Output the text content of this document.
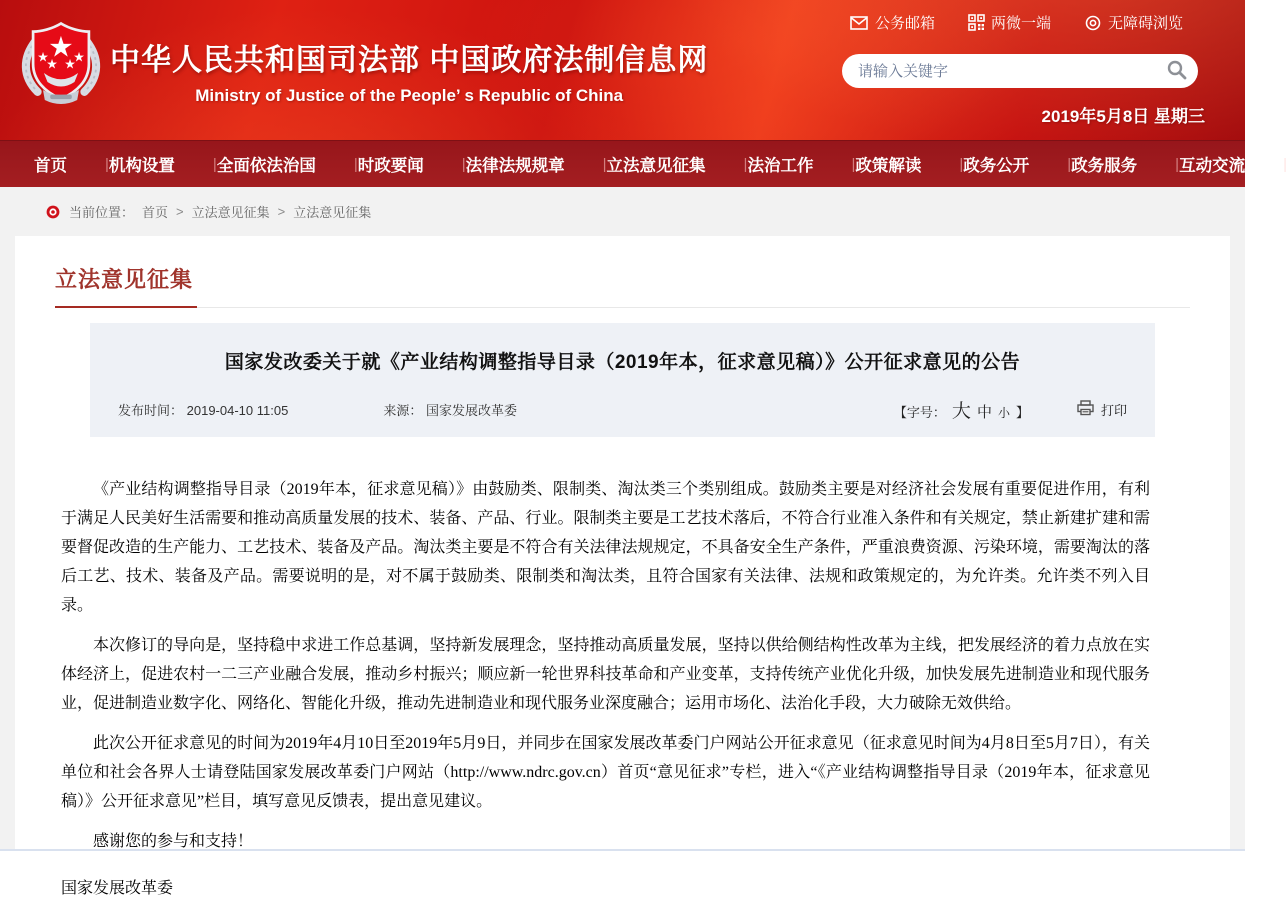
★
★
★ ★
★ 中华人民共和国司法部 中国政府法制信息网
Ministry of Justice of the People’ s Republic of China
公务邮箱	两微一端	无障碍浏览
请输入关键字
2019年5月8日 星期三
首页
|	机构设置
|	全面依法治国
|	时政要闻
|	法律法规规章
|	立法意见征集
|	法治工作
|	政策解读
|	政务公开
|	政务服务
|	互动交流
|
当前位置： 首页 > 立法意见征集 > 立法意见征集
立法意见征集
国家发改委关于就《产业结构调整指导目录（2019年本，征求意见稿）》公开征求意见的公告
发布时间： 2019-04-10 11:05	来源： 国家发展改革委	【字号： 大 中 小 】	打印

《产业结构调整指导目录（2019年本，征求意见稿）》由鼓励类、限制类、淘汰类三个类别组成。鼓励类主要是对经济社会发展有重要促进作用，有利于满足人民美好生活需要和推动高质量发展的技术、装备、产品、行业。限制类主要是工艺技术落后，不符合行业准入条件和有关规定，禁止新建扩建和需要督促改造的生产能力、工艺技术、装备及产品。淘汰类主要是不符合有关法律法规规定，不具备安全生产条件，严重浪费资源、污染环境，需要淘汰的落后工艺、技术、装备及产品。需要说明的是，对不属于鼓励类、限制类和淘汰类，且符合国家有关法律、法规和政策规定的，为允许类。允许类不列入目录。

本次修订的导向是，坚持稳中求进工作总基调，坚持新发展理念，坚持推动高质量发展，坚持以供给侧结构性改革为主线，把发展经济的着力点放在实体经济上，促进农村一二三产业融合发展，推动乡村振兴；顺应新一轮世界科技革命和产业变革，支持传统产业优化升级，加快发展先进制造业和现代服务业，促进制造业数字化、网络化、智能化升级，推动先进制造业和现代服务业深度融合；运用市场化、法治化手段，大力破除无效供给。

此次公开征求意见的时间为2019年4月10日至2019年5月9日，并同步在国家发展改革委门户网站公开征求意见（征求意见时间为4月8日至5月7日），有关单位和社会各界人士请登陆国家发展改革委门户网站（http://www.ndrc.gov.cn）首页“意见征求”专栏，进入“《产业结构调整指导目录（2019年本，征求意见稿）》公开征求意见”栏目，填写意见反馈表，提出意见建议。

感谢您的参与和支持！

国家发展改革委
